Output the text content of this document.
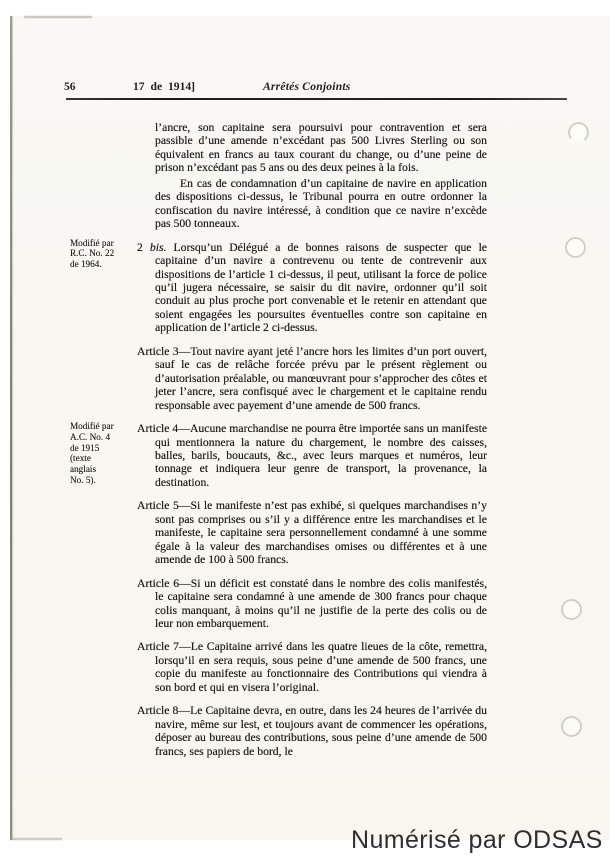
56	17 de 1914]	Arrêtés Conjoints

l’ancre, son capitaine sera poursuivi pour contravention et sera passible d’une amende n’excédant pas 500 Livres Sterling ou son équivalent en francs au taux courant du change, ou d’une peine de prison n’excédant pas 5 ans ou des deux peines à la fois.

En cas de condamnation d’un capitaine de navire en application des dispositions ci-dessus, le Tribunal pourra en outre ordonner la confiscation du navire intéressé, à condition que ce navire n’excède pas 500 tonneaux.

2 bis. Lorsqu’un Délégué a de bonnes raisons de suspecter que le capitaine d’un navire a contrevenu ou tente de contrevenir aux dispositions de l’article 1 ci-dessus, il peut, utilisant la force de police qu’il jugera nécessaire, se saisir du dit navire, ordonner qu’il soit conduit au plus proche port convenable et le retenir en attendant que soient engagées les poursuites éventuelles contre son capitaine en application de l’article 2 ci-dessus.
Modifié par
R.C. No. 22
de 1964.

Article 3—Tout navire ayant jeté l’ancre hors les limites d’un port ouvert, sauf le cas de relâche forcée prévu par le présent règlement ou d’autorisation préalable, ou manœuvrant pour s’approcher des côtes et jeter l’ancre, sera confisqué avec le chargement et le capitaine rendu responsable avec payement d’une amende de 500 francs.

Article 4—Aucune marchandise ne pourra être importée sans un manifeste qui mentionnera la nature du chargement, le nombre des caisses, balles, barils, boucauts, &c., avec leurs marques et numéros, leur tonnage et indiquera leur genre de transport, la provenance, la destination.
Modifié par
A.C. No. 4
de 1915
(texte
anglais
No. 5).

Article 5—Si le manifeste n’est pas exhibé, si quelques marchandises n’y sont pas comprises ou s’il y a différence entre les marchandises et le manifeste, le capitaine sera personnellement condamné à une somme égale à la valeur des marchandises omises ou différentes et à une amende de 100 à 500 francs.

Article 6—Si un déficit est constaté dans le nombre des colis manifestés, le capitaine sera condamné à une amende de 300 francs pour chaque colis manquant, à moins qu’il ne justifie de la perte des colis ou de leur non embarquement.

Article 7—Le Capitaine arrivé dans les quatre lieues de la côte, remettra, lorsqu’il en sera requis, sous peine d’une amende de 500 francs, une copie du manifeste au fonctionnaire des Contributions qui viendra à son bord et qui en visera l’original.

Article 8—Le Capitaine devra, en outre, dans les 24 heures de l’arrivée du navire, même sur lest, et toujours avant de commencer les opérations, déposer au bureau des contributions, sous peine d’une amende de 500 francs, ses papiers de bord, le

Numérisé par ODSAS
